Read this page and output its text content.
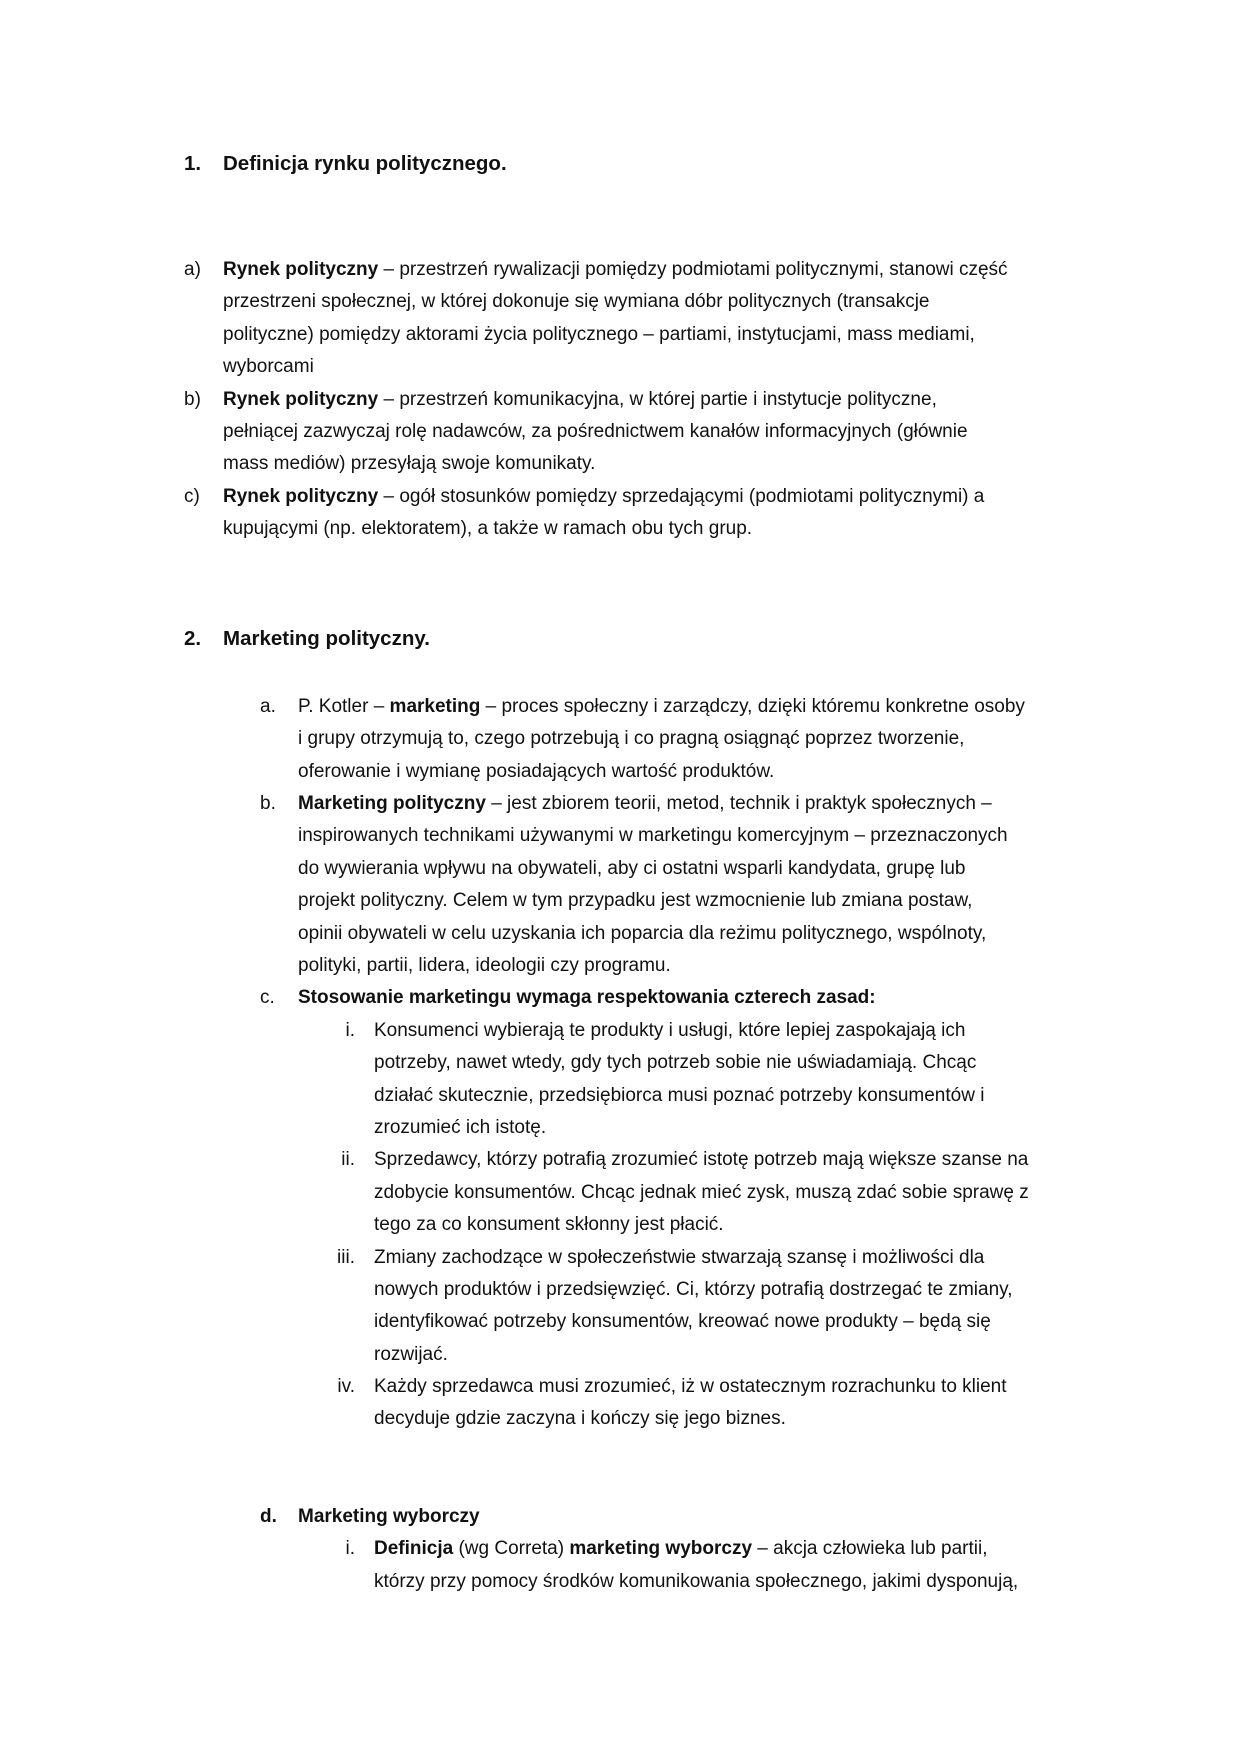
1. Definicja rynku politycznego.
a) Rynek polityczny – przestrzeń rywalizacji pomiędzy podmiotami politycznymi, stanowi część
przestrzeni społecznej, w której dokonuje się wymiana dóbr politycznych (transakcje
polityczne) pomiędzy aktorami życia politycznego – partiami, instytucjami, mass mediami,
wyborcami
b) Rynek polityczny – przestrzeń komunikacyjna, w której partie i instytucje polityczne,
pełniącej zazwyczaj rolę nadawców, za pośrednictwem kanałów informacyjnych (głównie
mass mediów) przesyłają swoje komunikaty.
c) Rynek polityczny – ogół stosunków pomiędzy sprzedającymi (podmiotami politycznymi) a
kupującymi (np. elektoratem), a także w ramach obu tych grup.
2. Marketing polityczny.
a. P. Kotler – marketing – proces społeczny i zarządczy, dzięki któremu konkretne osoby
i grupy otrzymują to, czego potrzebują i co pragną osiągnąć poprzez tworzenie,
oferowanie i wymianę posiadających wartość produktów.
b. Marketing polityczny – jest zbiorem teorii, metod, technik i praktyk społecznych –
inspirowanych technikami używanymi w marketingu komercyjnym – przeznaczonych
do wywierania wpływu na obywateli, aby ci ostatni wsparli kandydata, grupę lub
projekt polityczny. Celem w tym przypadku jest wzmocnienie lub zmiana postaw,
opinii obywateli w celu uzyskania ich poparcia dla reżimu politycznego, wspólnoty,
polityki, partii, lidera, ideologii czy programu.
c. Stosowanie marketingu wymaga respektowania czterech zasad:
i. Konsumenci wybierają te produkty i usługi, które lepiej zaspokajają ich
potrzeby, nawet wtedy, gdy tych potrzeb sobie nie uświadamiają. Chcąc
działać skutecznie, przedsiębiorca musi poznać potrzeby konsumentów i
zrozumieć ich istotę.
ii. Sprzedawcy, którzy potrafią zrozumieć istotę potrzeb mają większe szanse na
zdobycie konsumentów. Chcąc jednak mieć zysk, muszą zdać sobie sprawę z
tego za co konsument skłonny jest płacić.
iii. Zmiany zachodzące w społeczeństwie stwarzają szansę i możliwości dla
nowych produktów i przedsięwzięć. Ci, którzy potrafią dostrzegać te zmiany,
identyfikować potrzeby konsumentów, kreować nowe produkty – będą się
rozwijać.
iv. Każdy sprzedawca musi zrozumieć, iż w ostatecznym rozrachunku to klient
decyduje gdzie zaczyna i kończy się jego biznes.
d. Marketing wyborczy
i. Definicja (wg Correta) marketing wyborczy – akcja człowieka lub partii,
którzy przy pomocy środków komunikowania społecznego, jakimi dysponują,
